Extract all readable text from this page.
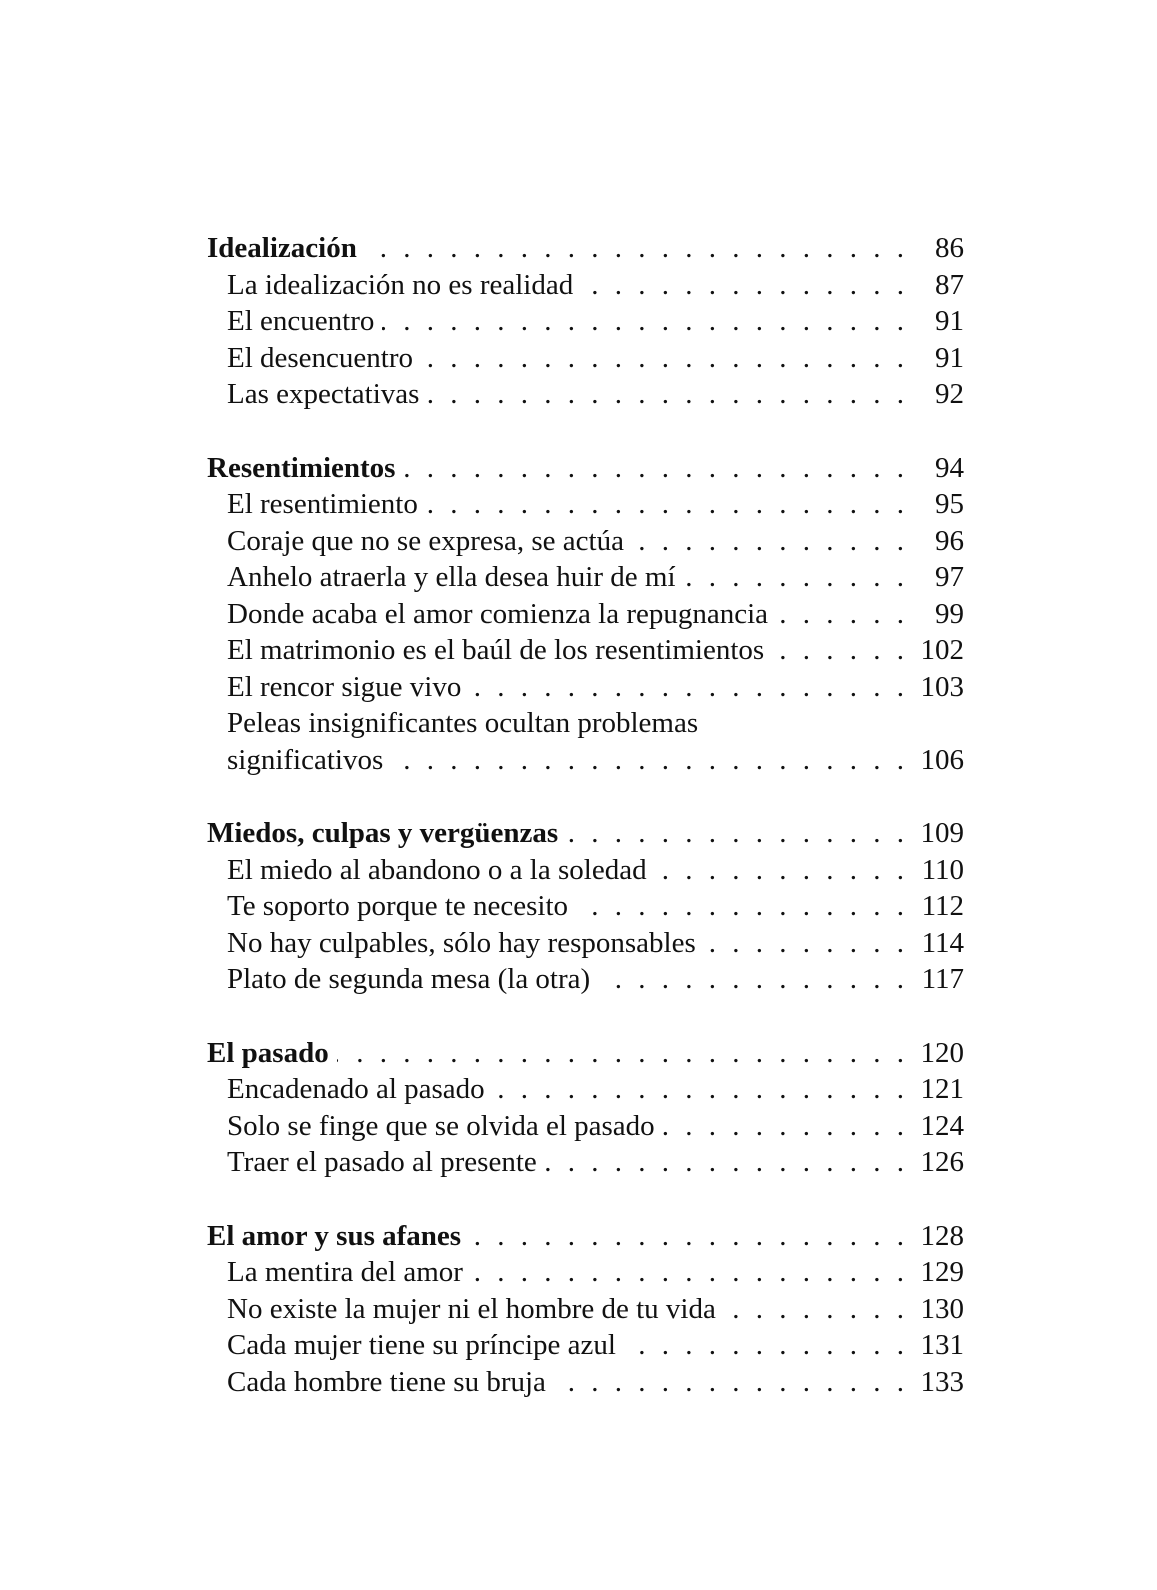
Idealización . . .	86
La idealización no es realidad . . .	87
El encuentro . . .	91
El desencuentro . . .	91
Las expectativas . . .	92
Resentimientos . . .	94
El resentimiento . . .	95
Coraje que no se expresa, se actúa . . .	96
Anhelo atraerla y ella desea huir de mí . . .	97
Donde acaba el amor comienza la repugnancia . . .	99
El matrimonio es el baúl de los resentimientos . . .	102
El rencor sigue vivo . . .	103
Peleas insignificantes ocultan problemas
significativos . . .	106
Miedos, culpas y vergüenzas . . .	109
El miedo al abandono o a la soledad . . .	110
Te soporto porque te necesito . . .	112
No hay culpables, sólo hay responsables . . .	114
Plato de segunda mesa (la otra) . . .	117
El pasado . . .	120
Encadenado al pasado . . .	121
Solo se finge que se olvida el pasado . . .	124
Traer el pasado al presente . . .	126
El amor y sus afanes . . .	128
La mentira del amor . . .	129
No existe la mujer ni el hombre de tu vida . . .	130
Cada mujer tiene su príncipe azul . . .	131
Cada hombre tiene su bruja . . .	133
